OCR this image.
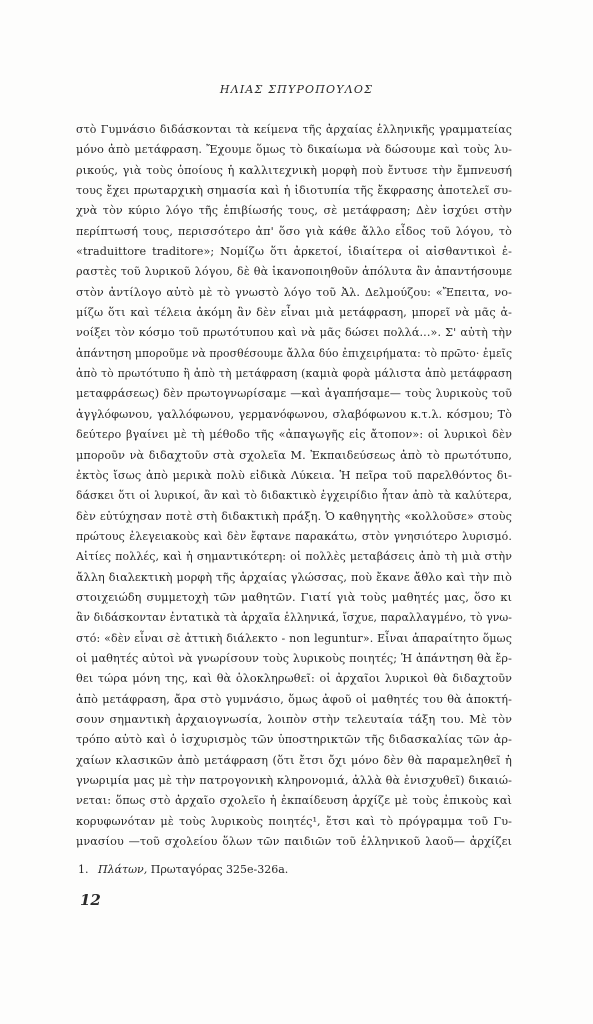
ΗΛΙΑΣ ΣΠΥΡΟΠΟΥΛΟΣ
στὸ Γυμνάσιο διδάσκονται τὰ κείμενα τῆς ἀρχαίας ἑλληνικῆς γραμματείας
μόνο ἀπὸ μετάφραση. Ἔχουμε ὅμως τὸ δικαίωμα νὰ δώσουμε καὶ τοὺς λυ-
ρικούς, γιὰ τοὺς ὁποίους ἡ καλλιτεχνικὴ μορφὴ ποὺ ἔντυσε τὴν ἔμπνευσή
τους ἔχει πρωταρχικὴ σημασία καὶ ἡ ἰδιοτυπία τῆς ἔκφρασης ἀποτελεῖ συ-
χνὰ τὸν κύριο λόγο τῆς ἐπιβίωσής τους, σὲ μετάφραση; Δὲν ἰσχύει στὴν
περίπτωσή τους, περισσότερο ἀπ' ὅσο γιὰ κάθε ἄλλο εἶδος τοῦ λόγου, τὸ
«traduittore traditore»; Νομίζω ὅτι ἀρκετοί, ἰδιαίτερα οἱ αἰσθαντικοὶ ἐ-
ραστὲς τοῦ λυρικοῦ λόγου, δὲ θὰ ἱκανοποιηθοῦν ἀπόλυτα ἂν ἀπαντήσουμε
στὸν ἀντίλογο αὐτὸ μὲ τὸ γνωστὸ λόγο τοῦ Ἀλ. Δελμούζου: «Ἔπειτα, νο-
μίζω ὅτι καὶ τέλεια ἀκόμη ἂν δὲν εἶναι μιὰ μετάφραση, μπορεῖ νὰ μᾶς ἀ-
νοίξει τὸν κόσμο τοῦ πρωτότυπου καὶ νὰ μᾶς δώσει πολλά...». Σ' αὐτὴ τὴν
ἀπάντηση μποροῦμε νὰ προσθέσουμε ἄλλα δύο ἐπιχειρήματα: τὸ πρῶτο· ἐμεῖς
ἀπὸ τὸ πρωτότυπο ἢ ἀπὸ τὴ μετάφραση (καμιὰ φορὰ μάλιστα ἀπὸ μετάφραση
μεταφράσεως) δὲν πρωτογνωρίσαμε —καὶ ἀγαπήσαμε— τοὺς λυρικοὺς τοῦ
ἀγγλόφωνου, γαλλόφωνου, γερμανόφωνου, σλαβόφωνου κ.τ.λ. κόσμου; Τὸ
δεύτερο βγαίνει μὲ τὴ μέθοδο τῆς «ἀπαγωγῆς εἰς ἄτοπον»: οἱ λυρικοὶ δὲν
μποροῦν νὰ διδαχτοῦν στὰ σχολεῖα Μ. Ἐκπαιδεύσεως ἀπὸ τὸ πρωτότυπο,
ἐκτὸς ἴσως ἀπὸ μερικὰ πολὺ εἰδικὰ Λύκεια. Ἡ πεῖρα τοῦ παρελθόντος δι-
δάσκει ὅτι οἱ λυρικοί, ἂν καὶ τὸ διδακτικὸ ἐγχειρίδιο ἦταν ἀπὸ τὰ καλύτερα,
δὲν εὐτύχησαν ποτὲ στὴ διδακτικὴ πράξη. Ὁ καθηγητὴς «κολλοῦσε» στοὺς
πρώτους ἐλεγειακοὺς καὶ δὲν ἔφτανε παρακάτω, στὸν γνησιότερο λυρισμό.
Αἰτίες πολλές, καὶ ἡ σημαντικότερη: οἱ πολλὲς μεταβάσεις ἀπὸ τὴ μιὰ στὴν
ἄλλη διαλεκτικὴ μορφὴ τῆς ἀρχαίας γλώσσας, ποὺ ἔκανε ἄθλο καὶ τὴν πιὸ
στοιχειώδη συμμετοχὴ τῶν μαθητῶν. Γιατί γιὰ τοὺς μαθητές μας, ὅσο κι
ἂν διδάσκονταν ἐντατικὰ τὰ ἀρχαῖα ἑλληνικά, ἴσχυε, παραλλαγμένο, τὸ γνω-
στό: «δὲν εἶναι σὲ ἀττικὴ διάλεκτο - non leguntur». Εἶναι ἀπαραίτητο ὅμως
οἱ μαθητές αὐτοὶ νὰ γνωρίσουν τοὺς λυρικοὺς ποιητές; Ἡ ἀπάντηση θὰ ἔρ-
θει τώρα μόνη της, καὶ θὰ ὁλοκληρωθεῖ: οἱ ἀρχαῖοι λυρικοὶ θὰ διδαχτοῦν
ἀπὸ μετάφραση, ἄρα στὸ γυμνάσιο, ὅμως ἀφοῦ οἱ μαθητές του θὰ ἀποκτή-
σουν σημαντικὴ ἀρχαιογνωσία, λοιπὸν στὴν τελευταία τάξη του. Μὲ τὸν
τρόπο αὐτὸ καὶ ὁ ἰσχυρισμὸς τῶν ὑποστηρικτῶν τῆς διδασκαλίας τῶν ἀρ-
χαίων κλασικῶν ἀπὸ μετάφραση (ὅτι ἔτσι ὄχι μόνο δὲν θὰ παραμεληθεῖ ἡ
γνωριμία μας μὲ τὴν πατρογονικὴ κληρονομιά, ἀλλὰ θὰ ἐνισχυθεῖ) δικαιώ-
νεται: ὅπως στὸ ἀρχαῖο σχολεῖο ἡ ἐκπαίδευση ἀρχίζε μὲ τοὺς ἐπικοὺς καὶ
κορυφωνόταν μὲ τοὺς λυρικοὺς ποιητές¹, ἔτσι καὶ τὸ πρόγραμμα τοῦ Γυ-
μνασίου —τοῦ σχολείου ὅλων τῶν παιδιῶν τοῦ ἑλληνικοῦ λαοῦ— ἀρχίζει
1. Πλάτων, Πρωταγόρας 325e-326a.
12
